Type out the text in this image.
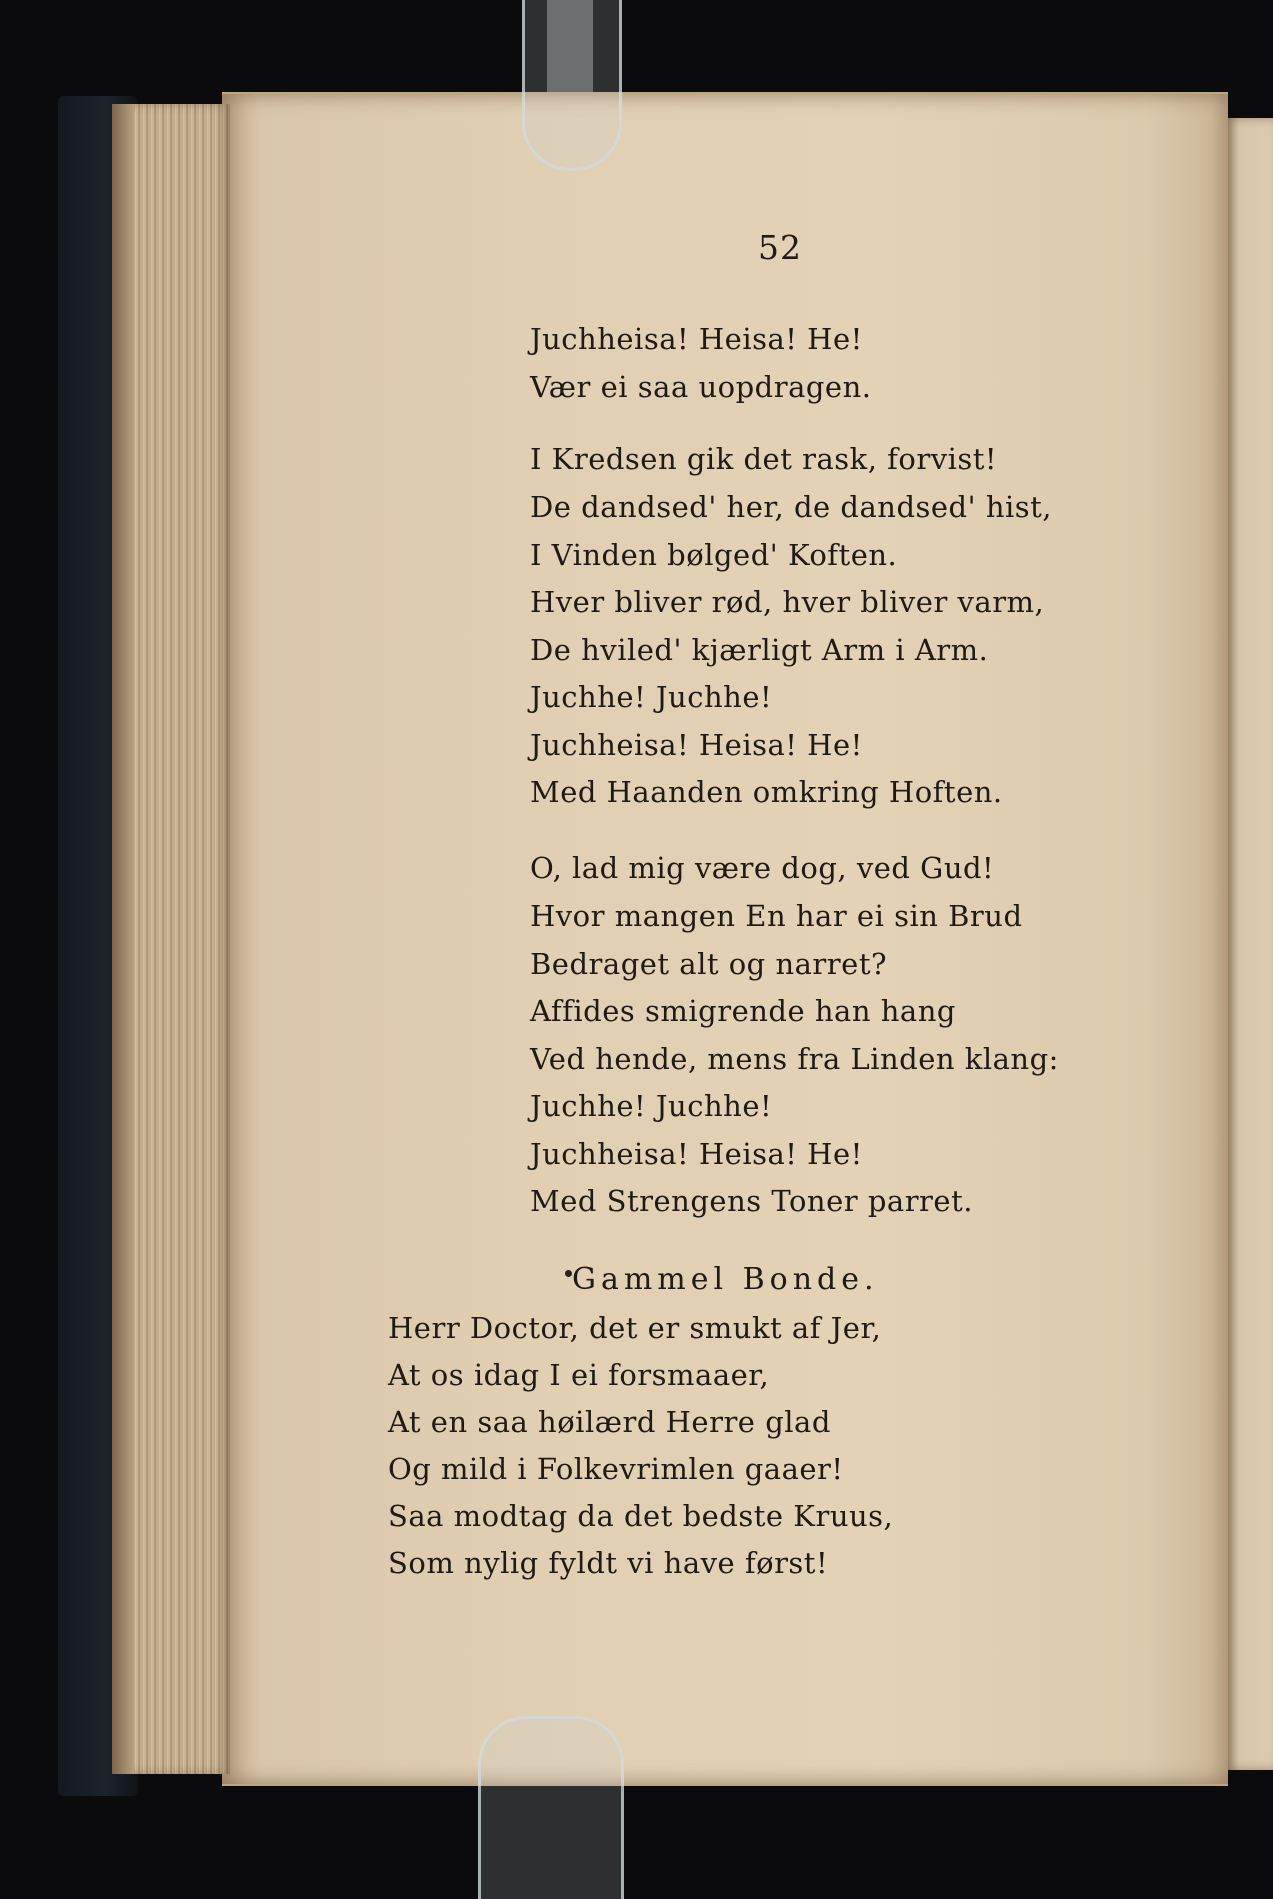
52

Juchheisa! Heisa! He!

Vær ei saa uopdragen.

I Kredsen gik det rask, forvist!

De dandsed' her, de dandsed' hist,

I Vinden bølged' Koften.

Hver bliver rød, hver bliver varm,

De hviled' kjærligt Arm i Arm.

Juchhe! Juchhe!

Juchheisa! Heisa! He!

Med Haanden omkring Hoften.

O, lad mig være dog, ved Gud!

Hvor mangen En har ei sin Brud

Bedraget alt og narret?

Affides smigrende han hang

Ved hende, mens fra Linden klang:

Juchhe! Juchhe!

Juchheisa! Heisa! He!

Med Strengens Toner parret.

Gammel Bonde.

Herr Doctor, det er smukt af Jer,

At os idag I ei forsmaaer,

At en saa høilærd Herre glad

Og mild i Folkevrimlen gaaer!

Saa modtag da det bedste Kruus,

Som nylig fyldt vi have først!
